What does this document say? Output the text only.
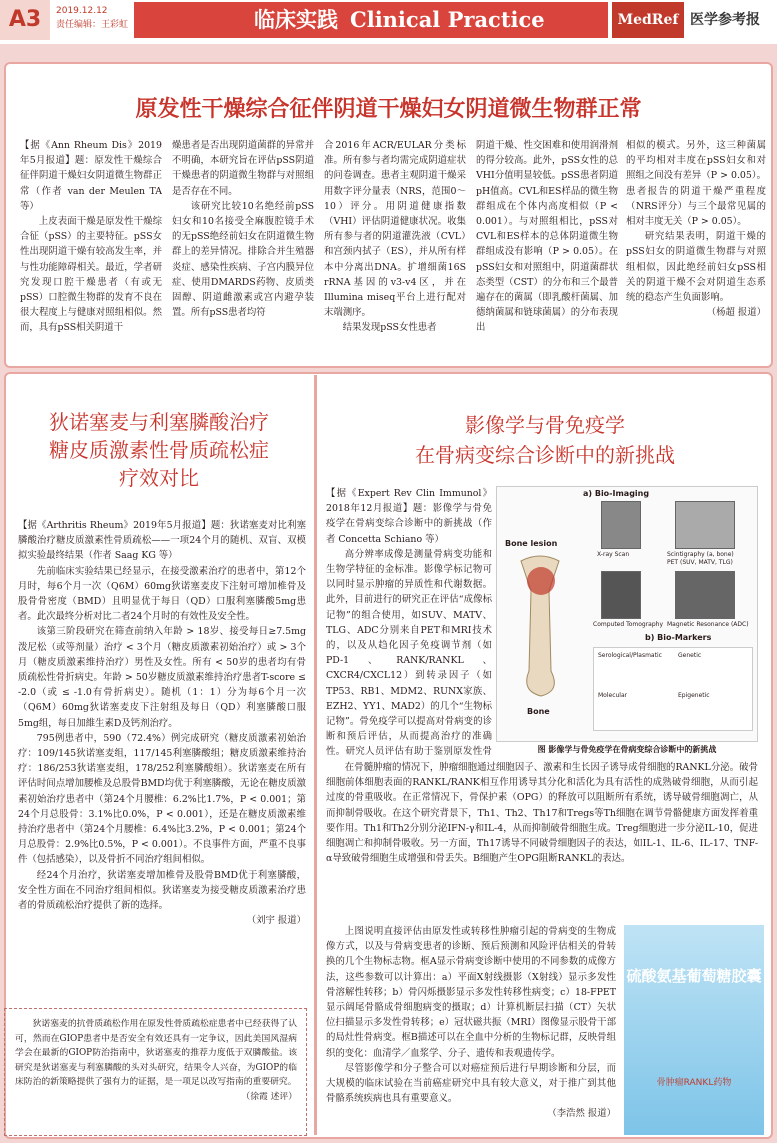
A3	2019.12.12
责任编辑：王彩虹	临床实践 Clinical Practice	MedRef 医学参考报
原发性干燥综合征伴阴道干燥妇女阴道微生物群正常

【据《Ann Rheum Dis》2019年5月报道】题：原发性干燥综合征伴阴道干燥妇女阴道微生物群正常（作者 van der Meulen TA 等）

上皮表面干燥是原发性干燥综合征（pSS）的主要特征。pSS女性出现阴道干燥有较高发生率，并与性功能障碍相关。最近，学者研究发现口腔干燥患者（有或无pSS）口腔微生物群的发育不良在很大程度上与健康对照组相似。然而，具有pSS相关阴道干

燥患者是否出现阴道菌群的异常并不明确，本研究旨在评估pSS阴道干燥患者的阴道微生物群与对照组是否存在不同。

该研究比较10名绝经前pSS妇女和10名接受全麻腹腔镜手术的无pSS绝经前妇女在阴道微生物群上的差异情况。排除合并生殖器炎症、感染性疾病、子宫内膜异位症、使用DMARDS药物、皮质类固醇、阴道雌激素或宫内避孕装置。所有pSS患者均符

合2016年ACR/EULAR分类标准。所有参与者均需完成阴道症状的问卷调查。患者主观阴道干燥采用数字评分量表（NRS，范围0～10）评分。用阴道健康指数（VHI）评估阴道健康状况。收集所有参与者的阴道灌洗液（CVL）和宫颈内拭子（ES），并从所有样本中分离出DNA。扩增细菌16S rRNA基因的v3-v4区，并在Illumina miseq平台上进行配对末端测序。

结果发现pSS女性患者

阴道干燥、性交困难和使用润滑剂的得分较高。此外，pSS女性的总VHI分值明显较低。pSS患者阴道pH值高。CVL和ES样品的微生物群组成在个体内高度相似（P < 0.001）。与对照组相比，pSS对CVL和ES样本的总体阴道微生物群组成没有影响（P > 0.05）。在pSS妇女和对照组中，阴道菌群状态类型（CST）的分布和三个最普遍存在的菌属（即乳酸杆菌属、加德纳菌属和链球菌属）的分布表现出

相似的模式。另外，这三种菌属的平均相对丰度在pSS妇女和对照组之间没有差异（P > 0.05）。患者报告的阴道干燥严重程度（NRS评分）与三个最常见属的相对丰度无关（P > 0.05）。

研究结果表明，阴道干燥的pSS妇女的阴道微生物群与对照组相似，因此绝经前妇女pSS相关的阴道干燥不会对阴道生态系统的稳态产生负面影响。

（杨超 报道）
狄诺塞麦与利塞膦酸治疗
糖皮质激素性骨质疏松症
疗效对比

【据《Arthritis Rheum》2019年5月报道】题：狄诺塞麦对比利塞膦酸治疗糖皮质激素性骨质疏松——一项24个月的随机、双盲、双模拟实验最终结果（作者 Saag KG 等）

先前临床实验结果已经显示，在接受激素治疗的患者中，第12个月时，每6个月一次（Q6M）60mg狄诺塞麦皮下注射可增加椎骨及股骨骨密度（BMD）且明显优于每日（QD）口服利塞膦酸5mg患者。此次最终分析对比二者24个月时的有效性及安全性。

该第三阶段研究在筛查前纳入年龄 > 18岁、接受每日≥7.5mg泼尼松（或等剂量）治疗 < 3个月（糖皮质激素初始治疗）或 > 3个月（糖皮质激素维持治疗）男性及女性。所有 < 50岁的患者均有骨质疏松性骨折病史。年龄 > 50岁糖皮质激素维持治疗患者T-score ≤ -2.0（或 ≤ -1.0有骨折病史）。随机（1：1）分为每6个月一次（Q6M）60mg狄诺塞麦皮下注射组及每日（QD）利塞膦酸口服5mg组，每日加維生素D及钙剂治疗。

795例患者中，590（72.4%）例完成研究（糖皮质激素初始治疗：109/145狄诺塞麦组，117/145利塞膦酸组；糖皮质激素维持治疗：186/253狄诺塞麦组，178/252利塞膦酸组）。狄诺塞麦在所有评估时间点增加腰椎及总股骨BMD均优于利塞膦酸，无论在糖皮质激素初始治疗患者中（第24个月腰椎：6.2%比1.7%，P < 0.001；第24个月总股骨：3.1%比0.0%，P < 0.001），还是在糖皮质激素维持治疗患者中（第24个月腰椎：6.4%比3.2%，P < 0.001；第24个月总股骨：2.9%比0.5%，P < 0.001）。不良事件方面，严重不良事件（包括感染），以及骨折不同治疗组间相似。

经24个月治疗，狄诺塞麦增加椎骨及股骨BMD优于利塞膦酸，安全性方面在不同治疗组间相似。狄诺塞麦为接受糖皮质激素治疗患者的骨质疏松治疗提供了新的选择。

（刘宇 报道）

狄诺塞麦的抗骨质疏松作用在原发性骨质疏松症患者中已经获得了认可，然而在GIOP患者中是否安全有效还具有一定争议，因此美国风湿病学会在最新的GIOP防治指南中，狄诺塞麦的推荐力度低于双膦酸盐。该研究是狄诺塞麦与利塞膦酸的头对头研究，结果令人兴奋，为GIOP的临床防治的新策略提供了强有力的证据，是一项足以改写指南的重要研究。

（徐霞 述评）
影像学与骨免疫学
在骨病变综合诊断中的新挑战

【据《Expert Rev Clin Immunol》2018年12月报道】题：影像学与骨免疫学在骨病变综合诊断中的新挑战（作者 Concetta Schiano 等）

高分辨率成像是测量骨病变功能和生物学特征的金标准。影像学标记物可以同时显示肿瘤的异质性和代谢数据。此外，目前进行的研究正在评估“成像标记物”的组合使用，如SUV、MATV、TLG、ADC分别来自PET和MRI技术的，以及从趋化因子免疫调节剂（如PD-1、RANK/RANKL、CXCR4/CXCL12）到转录因子（如TP53、RB1、MDM2、RUNX家族、EZH2、YY1、MAD2）的几个“生物标记物”。骨免疫学可以提高对骨病变的诊断和预后评估，从而提高治疗的准确性。研究人员评估有助于鉴别原发性骨

Bone lesion
Bone
a) Bio-Imaging
X-ray Scan	Scintigraphy (a, bone)
PET (SUV, MATV, TLG)
Computed Tomography Magnetic Resonance (ADC)
b) Bio-Markers
Serological/Plasmatic	Genetic
Molecular	Epigenetic
图 影像学与骨免疫学在骨病变综合诊断中的新挑战

在骨髓肿瘤的情况下，肿瘤细胞通过细胞因子、激素和生长因子诱导成骨细胞的RANKL分泌。破骨细胞前体细胞表面的RANKL/RANK相互作用诱导其分化和活化为具有活性的成熟破骨细胞，从而引起过度的骨重吸收。在正常情况下，骨保护素（OPG）的释放可以阻断所有系统，诱导破骨细胞凋亡，从而抑制骨吸收。在这个研究背景下，Th1、Th2、Th17和Tregs等Th细胞在调节骨骼健康方面发挥着重要作用。Th1和Th2分别分泌IFN-γ和IL-4，从而抑制破骨细胞生成。Treg细胞进一步分泌IL-10，促进细胞凋亡和抑制骨吸收。另一方面，Th17诱导不同破骨细胞因子的表达，如IL-1、IL-6、IL-17、TNF-α导致破骨细胞生成增强和骨丢失。B细胞产生OPG阻断RANKL的表达。

上图说明直接评估由原发性或转移性肿瘤引起的骨病变的生物成像方式，以及与骨病变患者的诊断、预后预测和风险评估相关的骨转换的几个生物标志物。框A显示骨病变诊断中使用的不同参数的成像方法，这些参数可以计算出：a）平面X射线摄影（X射线）显示多发性骨溶解性转移；b）骨闪烁摄影显示多发性转移性病变；c）18-FPET显示阔尾骨骼成骨细胞病变的摄取；d）计算机断层扫描（CT）矢状位扫描显示多发性骨转移；e）冠状磁共振（MRI）图像显示股骨干部的局灶性骨病变。框B描述可以在全血中分析的生物标记群，反映骨组织的变化：血清学／血浆学、分子、遗传和表观遗传学。

尽管影像学和分子整合可以对癌症预后进行早期诊断和分层，而大规模的临床试验在当前癌症研究中具有较大意义，对于推广到其他骨骼系统疾病也具有重要意义。

（李浩然 报道）
硫酸氨基葡萄糖胶囊
骨肿瘤RANKL药物
